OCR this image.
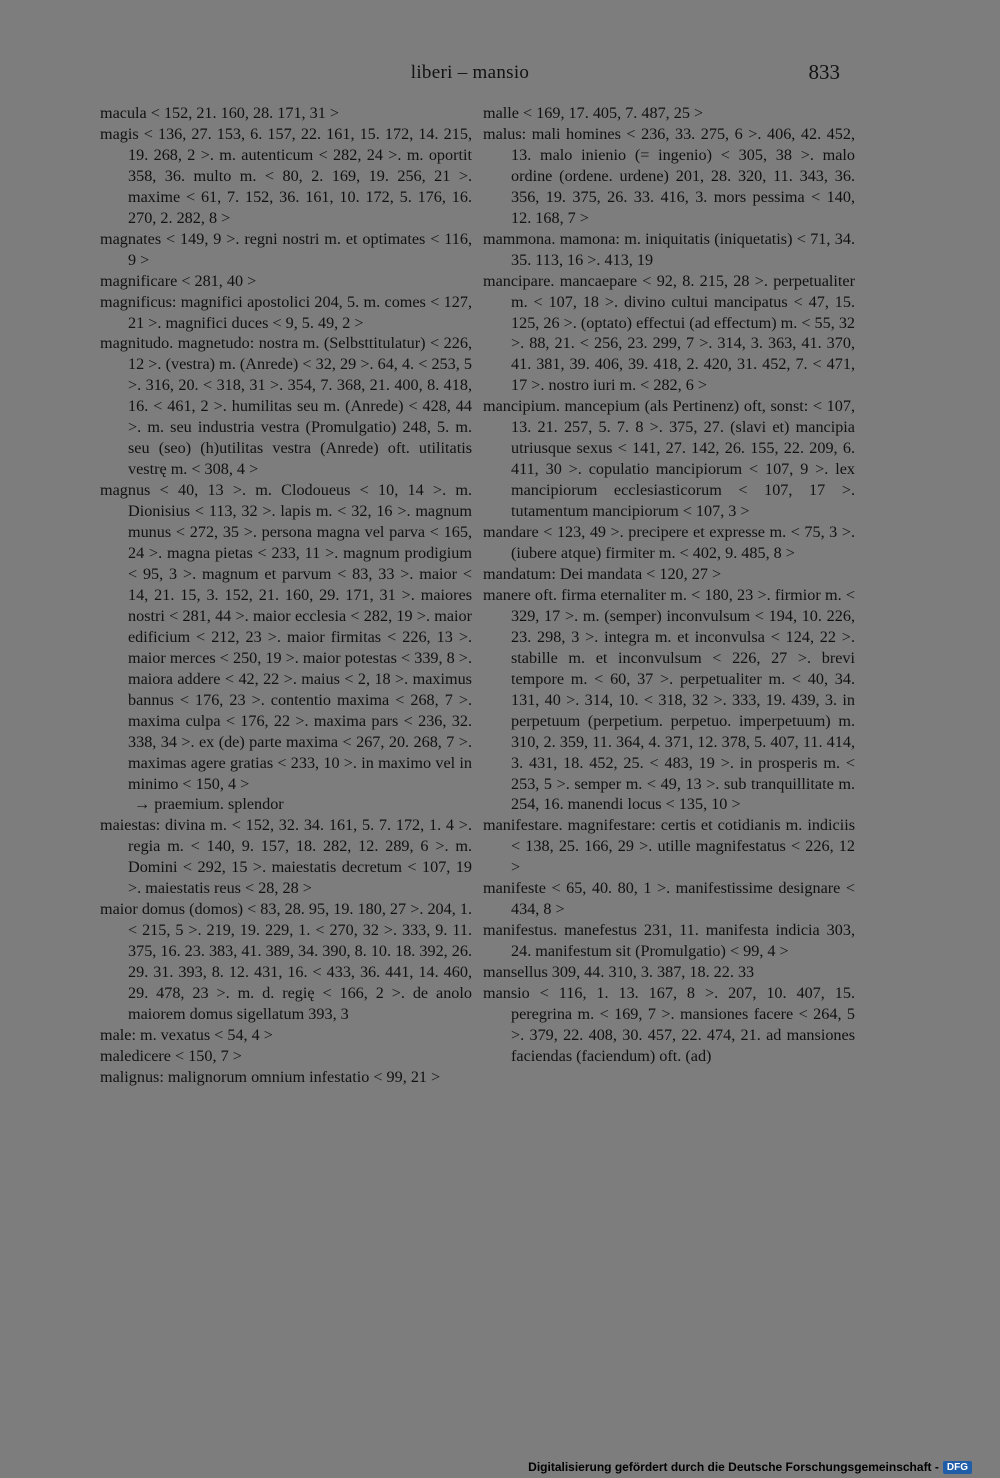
liberi – mansio	833

macula < 152, 21. 160, 28. 171, 31 >

magis < 136, 27. 153, 6. 157, 22. 161, 15. 172, 14. 215, 19. 268, 2 >. m. autenticum < 282, 24 >. m. oportit 358, 36. multo m. < 80, 2. 169, 19. 256, 21 >. maxime < 61, 7. 152, 36. 161, 10. 172, 5. 176, 16. 270, 2. 282, 8 >

magnates < 149, 9 >. regni nostri m. et optimates < 116, 9 >

magnificare < 281, 40 >

magnificus: magnifici apostolici 204, 5. m. comes < 127, 21 >. magnifici duces < 9, 5. 49, 2 >

magnitudo. magnetudo: nostra m. (Selbsttitulatur) < 226, 12 >. (vestra) m. (Anrede) < 32, 29 >. 64, 4. < 253, 5 >. 316, 20. < 318, 31 >. 354, 7. 368, 21. 400, 8. 418, 16. < 461, 2 >. humilitas seu m. (Anrede) < 428, 44 >. m. seu industria vestra (Promulgatio) 248, 5. m. seu (seo) (h)utilitas vestra (Anrede) oft. utilitatis vestrę m. < 308, 4 >

magnus < 40, 13 >. m. Clodoueus < 10, 14 >. m. Dionisius < 113, 32 >. lapis m. < 32, 16 >. magnum munus < 272, 35 >. persona magna vel parva < 165, 24 >. magna pietas < 233, 11 >. magnum prodigium < 95, 3 >. magnum et parvum < 83, 33 >. maior < 14, 21. 15, 3. 152, 21. 160, 29. 171, 31 >. maiores nostri < 281, 44 >. maior ecclesia < 282, 19 >. maior edificium < 212, 23 >. maior firmitas < 226, 13 >. maior merces < 250, 19 >. maior potestas < 339, 8 >. maiora addere < 42, 22 >. maius < 2, 18 >. maximus bannus < 176, 23 >. contentio maxima < 268, 7 >. maxima culpa < 176, 22 >. maxima pars < 236, 32. 338, 34 >. ex (de) parte maxima < 267, 20. 268, 7 >. maximas agere gratias < 233, 10 >. in maximo vel in minimo < 150, 4 >

→ praemium. splendor

maiestas: divina m. < 152, 32. 34. 161, 5. 7. 172, 1. 4 >. regia m. < 140, 9. 157, 18. 282, 12. 289, 6 >. m. Domini < 292, 15 >. maiestatis decretum < 107, 19 >. maiestatis reus < 28, 28 >

maior domus (domos) < 83, 28. 95, 19. 180, 27 >. 204, 1. < 215, 5 >. 219, 19. 229, 1. < 270, 32 >. 333, 9. 11. 375, 16. 23. 383, 41. 389, 34. 390, 8. 10. 18. 392, 26. 29. 31. 393, 8. 12. 431, 16. < 433, 36. 441, 14. 460, 29. 478, 23 >. m. d. regię < 166, 2 >. de anolo maiorem domus sigellatum 393, 3

male: m. vexatus < 54, 4 >

maledicere < 150, 7 >

malignus: malignorum omnium infestatio < 99, 21 >

malle < 169, 17. 405, 7. 487, 25 >

malus: mali homines < 236, 33. 275, 6 >. 406, 42. 452, 13. malo inienio (= ingenio) < 305, 38 >. malo ordine (ordene. urdene) 201, 28. 320, 11. 343, 36. 356, 19. 375, 26. 33. 416, 3. mors pessima < 140, 12. 168, 7 >

mammona. mamona: m. iniquitatis (iniquetatis) < 71, 34. 35. 113, 16 >. 413, 19

mancipare. mancaepare < 92, 8. 215, 28 >. perpetualiter m. < 107, 18 >. divino cultui mancipatus < 47, 15. 125, 26 >. (optato) effectui (ad effectum) m. < 55, 32 >. 88, 21. < 256, 23. 299, 7 >. 314, 3. 363, 41. 370, 41. 381, 39. 406, 39. 418, 2. 420, 31. 452, 7. < 471, 17 >. nostro iuri m. < 282, 6 >

mancipium. mancepium (als Pertinenz) oft, sonst: < 107, 13. 21. 257, 5. 7. 8 >. 375, 27. (slavi et) mancipia utriusque sexus < 141, 27. 142, 26. 155, 22. 209, 6. 411, 30 >. copulatio mancipiorum < 107, 9 >. lex mancipiorum ecclesiasticorum < 107, 17 >. tutamentum mancipiorum < 107, 3 >

mandare < 123, 49 >. precipere et expresse m. < 75, 3 >. (iubere atque) firmiter m. < 402, 9. 485, 8 >

mandatum: Dei mandata < 120, 27 >

manere oft. firma eternaliter m. < 180, 23 >. firmior m. < 329, 17 >. m. (semper) inconvulsum < 194, 10. 226, 23. 298, 3 >. integra m. et inconvulsa < 124, 22 >. stabille m. et inconvulsum < 226, 27 >. brevi tempore m. < 60, 37 >. perpetualiter m. < 40, 34. 131, 40 >. 314, 10. < 318, 32 >. 333, 19. 439, 3. in perpetuum (perpetium. perpetuo. imperpetuum) m. 310, 2. 359, 11. 364, 4. 371, 12. 378, 5. 407, 11. 414, 3. 431, 18. 452, 25. < 483, 19 >. in prosperis m. < 253, 5 >. semper m. < 49, 13 >. sub tranquillitate m. 254, 16. manendi locus < 135, 10 >

manifestare. magnifestare: certis et cotidianis m. indiciis < 138, 25. 166, 29 >. utille magnifestatus < 226, 12 >

manifeste < 65, 40. 80, 1 >. manifestissime designare < 434, 8 >

manifestus. manefestus 231, 11. manifesta indicia 303, 24. manifestum sit (Promulgatio) < 99, 4 >

mansellus 309, 44. 310, 3. 387, 18. 22. 33

mansio < 116, 1. 13. 167, 8 >. 207, 10. 407, 15. peregrina m. < 169, 7 >. mansiones facere < 264, 5 >. 379, 22. 408, 30. 457, 22. 474, 21. ad mansiones faciendas (faciendum) oft. (ad)

Digitalisierung gefördert durch die Deutsche Forschungsgemeinschaft - DFG
